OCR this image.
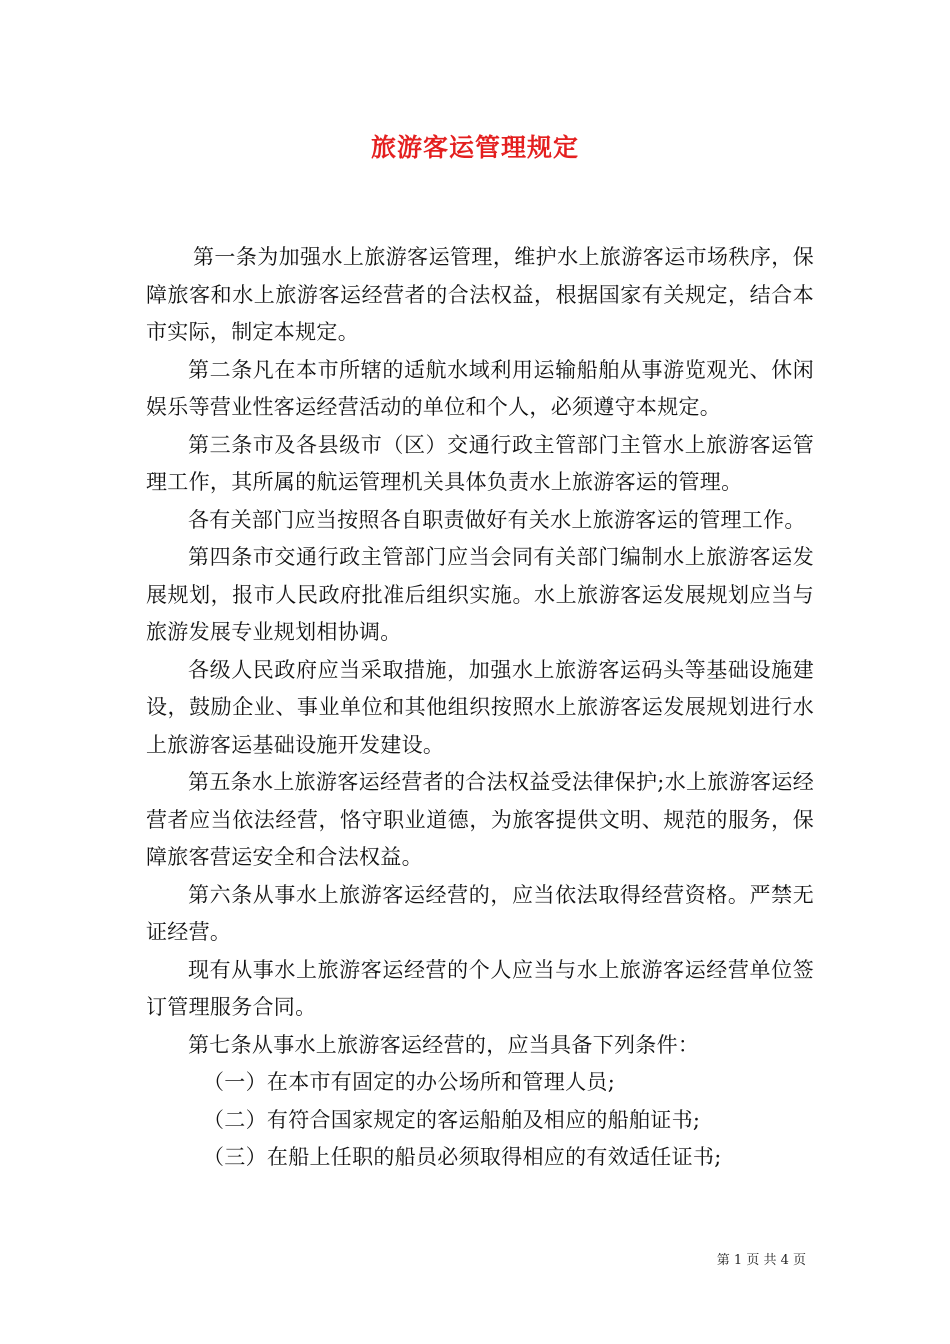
旅游客运管理规定

第一条为加强水上旅游客运管理，维护水上旅游客运市场秩序，保障旅客和水上旅游客运经营者的合法权益，根据国家有关规定，结合本市实际，制定本规定。

第二条凡在本市所辖的适航水域利用运输船舶从事游览观光、休闲娱乐等营业性客运经营活动的单位和个人，必须遵守本规定。

第三条市及各县级市（区）交通行政主管部门主管水上旅游客运管理工作，其所属的航运管理机关具体负责水上旅游客运的管理。

各有关部门应当按照各自职责做好有关水上旅游客运的管理工作。

第四条市交通行政主管部门应当会同有关部门编制水上旅游客运发展规划，报市人民政府批准后组织实施。水上旅游客运发展规划应当与旅游发展专业规划相协调。

各级人民政府应当采取措施，加强水上旅游客运码头等基础设施建设，鼓励企业、事业单位和其他组织按照水上旅游客运发展规划进行水上旅游客运基础设施开发建设。

第五条水上旅游客运经营者的合法权益受法律保护;水上旅游客运经营者应当依法经营，恪守职业道德，为旅客提供文明、规范的服务，保障旅客营运安全和合法权益。

第六条从事水上旅游客运经营的，应当依法取得经营资格。严禁无证经营。

现有从事水上旅游客运经营的个人应当与水上旅游客运经营单位签订管理服务合同。

第七条从事水上旅游客运经营的，应当具备下列条件：

（一）在本市有固定的办公场所和管理人员;

（二）有符合国家规定的客运船舶及相应的船舶证书;

（三）在船上任职的船员必须取得相应的有效适任证书;

第 1 页 共 4 页
